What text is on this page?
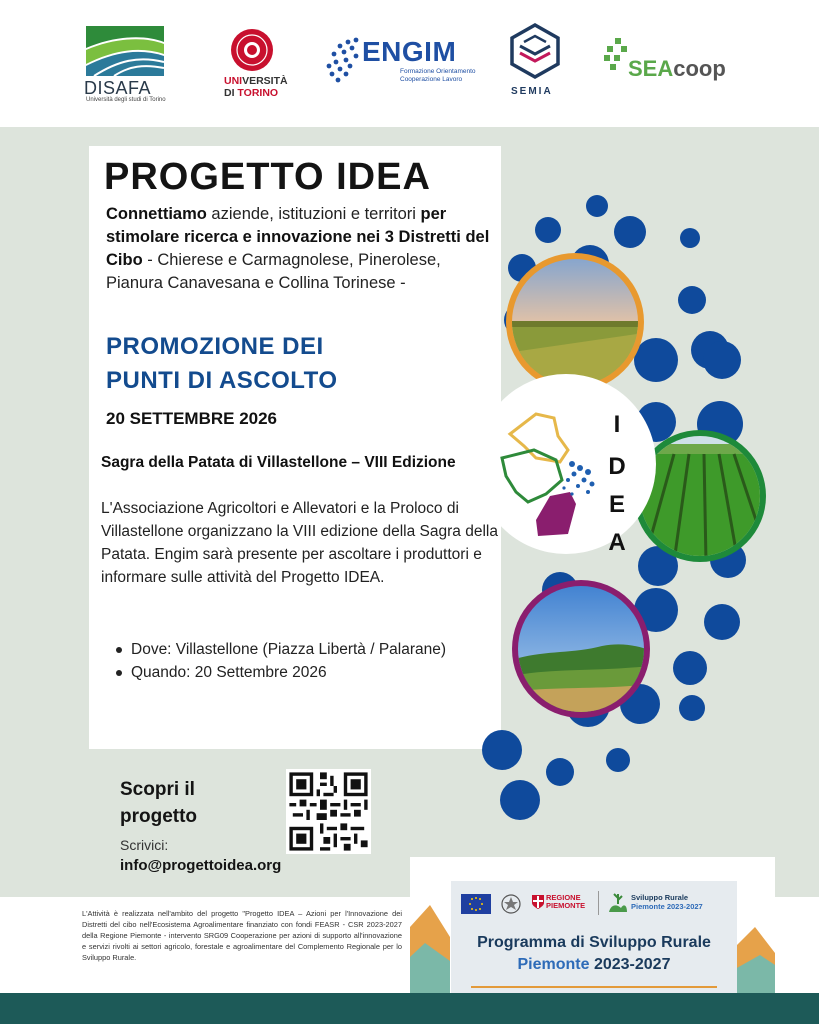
DISAFA
Università degli studi di Torino
UNIVERSITÀ
DI TORINO
ENGIM
Formazione Orientamento
Cooperazione Lavoro
SEMIA
SEAcoop
PROGETTO IDEA
Connettiamo aziende, istituzioni e territori per stimolare ricerca e innovazione nei 3 Distretti del Cibo - Chierese e Carmagnolese, Pinerolese, Pianura Canavesana e Collina Torinese -
PROMOZIONE DEI
PUNTI DI ASCOLTO
20 SETTEMBRE 2026
Sagra della Patata di Villastellone – VIII Edizione
L'Associazione Agricoltori e Allevatori e la Proloco di Villastellone organizzano la VIII edizione della Sagra della Patata. Engim sarà presente per ascoltare i produttori e informare sulle attività del Progetto IDEA.
Dove: Villastellone (Piazza Libertà / Palarane)
Quando: 20 Settembre 2026
I
D
E
A
Scopri il progetto
Scrivici:
info@progettoidea.org
L'Attività è realizzata nell'ambito del progetto "Progetto IDEA – Azioni per l'Innovazione dei Distretti del cibo nell'Ecosistema Agroalimentare finanziato con fondi FEASR - CSR 2023-2027 della Regione Piemonte - intervento SRG09 Cooperazione per azioni di supporto all'innovazione e servizi rivolti ai settori agricolo, forestale e agroalimentare del Complemento Regionale per lo Sviluppo Rurale.
REGIONE
PIEMONTE
Sviluppo Rurale
Piemonte 2023-2027
Programma di Sviluppo Rurale
Piemonte 2023-2027
